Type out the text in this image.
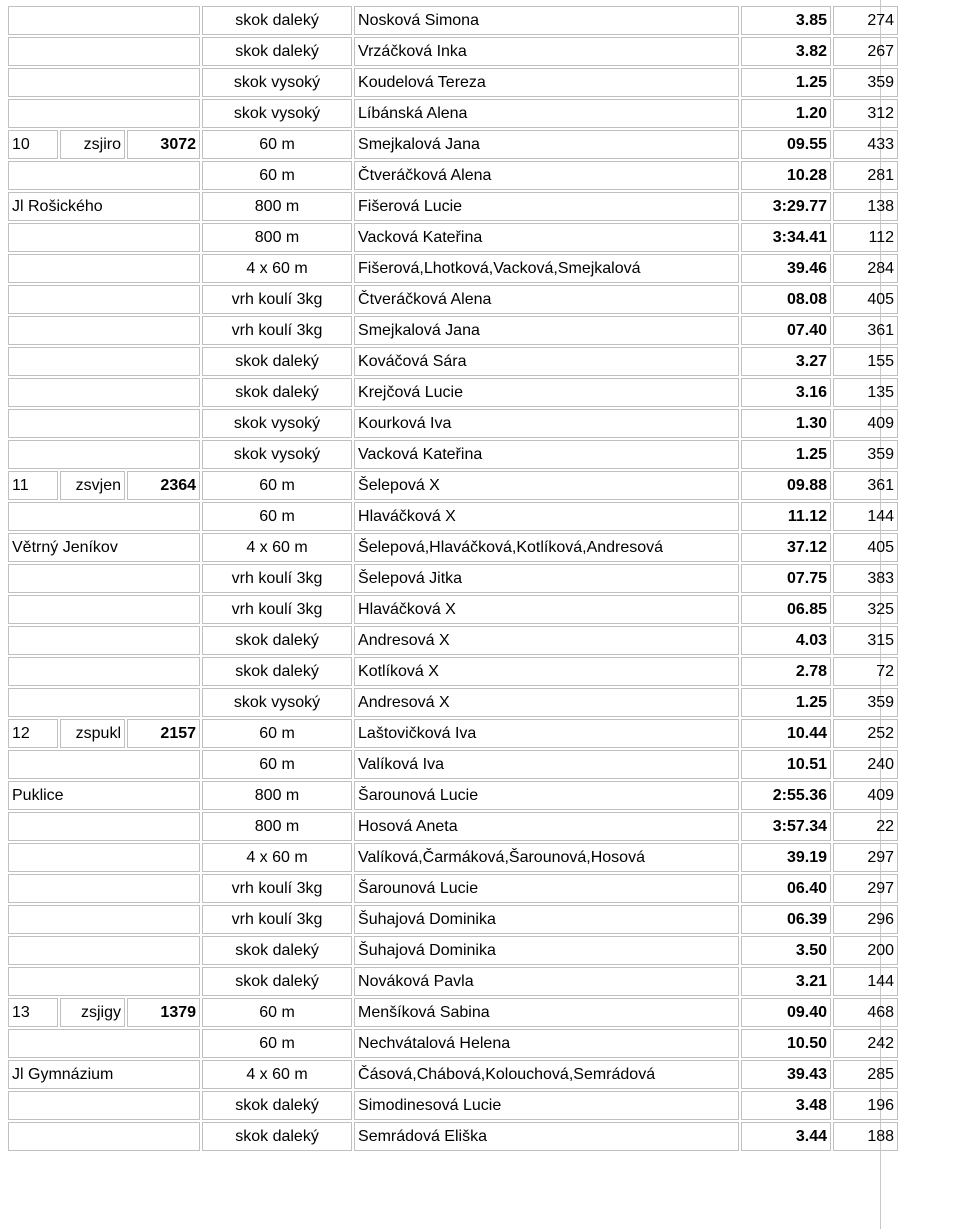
			skok daleký	Nosková Simona	3.85	274
			skok daleký	Vrzáčková Inka	3.82	267
			skok vysoký	Koudelová Tereza	1.25	359
			skok vysoký	Líbánská Alena	1.20	312
10	zsjiro	3072	60 m	Smejkalová Jana	09.55	433
			60 m	Čtveráčková Alena	10.28	281
Jl Rošického			800 m	Fišerová Lucie	3:29.77	138
			800 m	Vacková Kateřina	3:34.41	112
			4 x 60 m	Fišerová,Lhotková,Vacková,Smejkalová	39.46	284
			vrh koulí 3kg	Čtveráčková Alena	08.08	405
			vrh koulí 3kg	Smejkalová Jana	07.40	361
			skok daleký	Kováčová Sára	3.27	155
			skok daleký	Krejčová Lucie	3.16	135
			skok vysoký	Kourková Iva	1.30	409
			skok vysoký	Vacková Kateřina	1.25	359
11	zsvjen	2364	60 m	Šelepová X	09.88	361
			60 m	Hlaváčková X	11.12	144
Větrný Jeníkov			4 x 60 m	Šelepová,Hlaváčková,Kotlíková,Andresová	37.12	405
			vrh koulí 3kg	Šelepová Jitka	07.75	383
			vrh koulí 3kg	Hlaváčková X	06.85	325
			skok daleký	Andresová X	4.03	315
			skok daleký	Kotlíková X	2.78	72
			skok vysoký	Andresová X	1.25	359
12	zspukl	2157	60 m	Laštovičková Iva	10.44	252
			60 m	Valíková Iva	10.51	240
Puklice			800 m	Šarounová Lucie	2:55.36	409
			800 m	Hosová Aneta	3:57.34	22
			4 x 60 m	Valíková,Čarmáková,Šarounová,Hosová	39.19	297
			vrh koulí 3kg	Šarounová Lucie	06.40	297
			vrh koulí 3kg	Šuhajová Dominika	06.39	296
			skok daleký	Šuhajová Dominika	3.50	200
			skok daleký	Nováková Pavla	3.21	144
13	zsjigy	1379	60 m	Menšíková Sabina	09.40	468
			60 m	Nechvátalová Helena	10.50	242
Jl Gymnázium			4 x 60 m	Čásová,Chábová,Kolouchová,Semrádová	39.43	285
			skok daleký	Simodinesová Lucie	3.48	196
			skok daleký	Semrádová Eliška	3.44	188
